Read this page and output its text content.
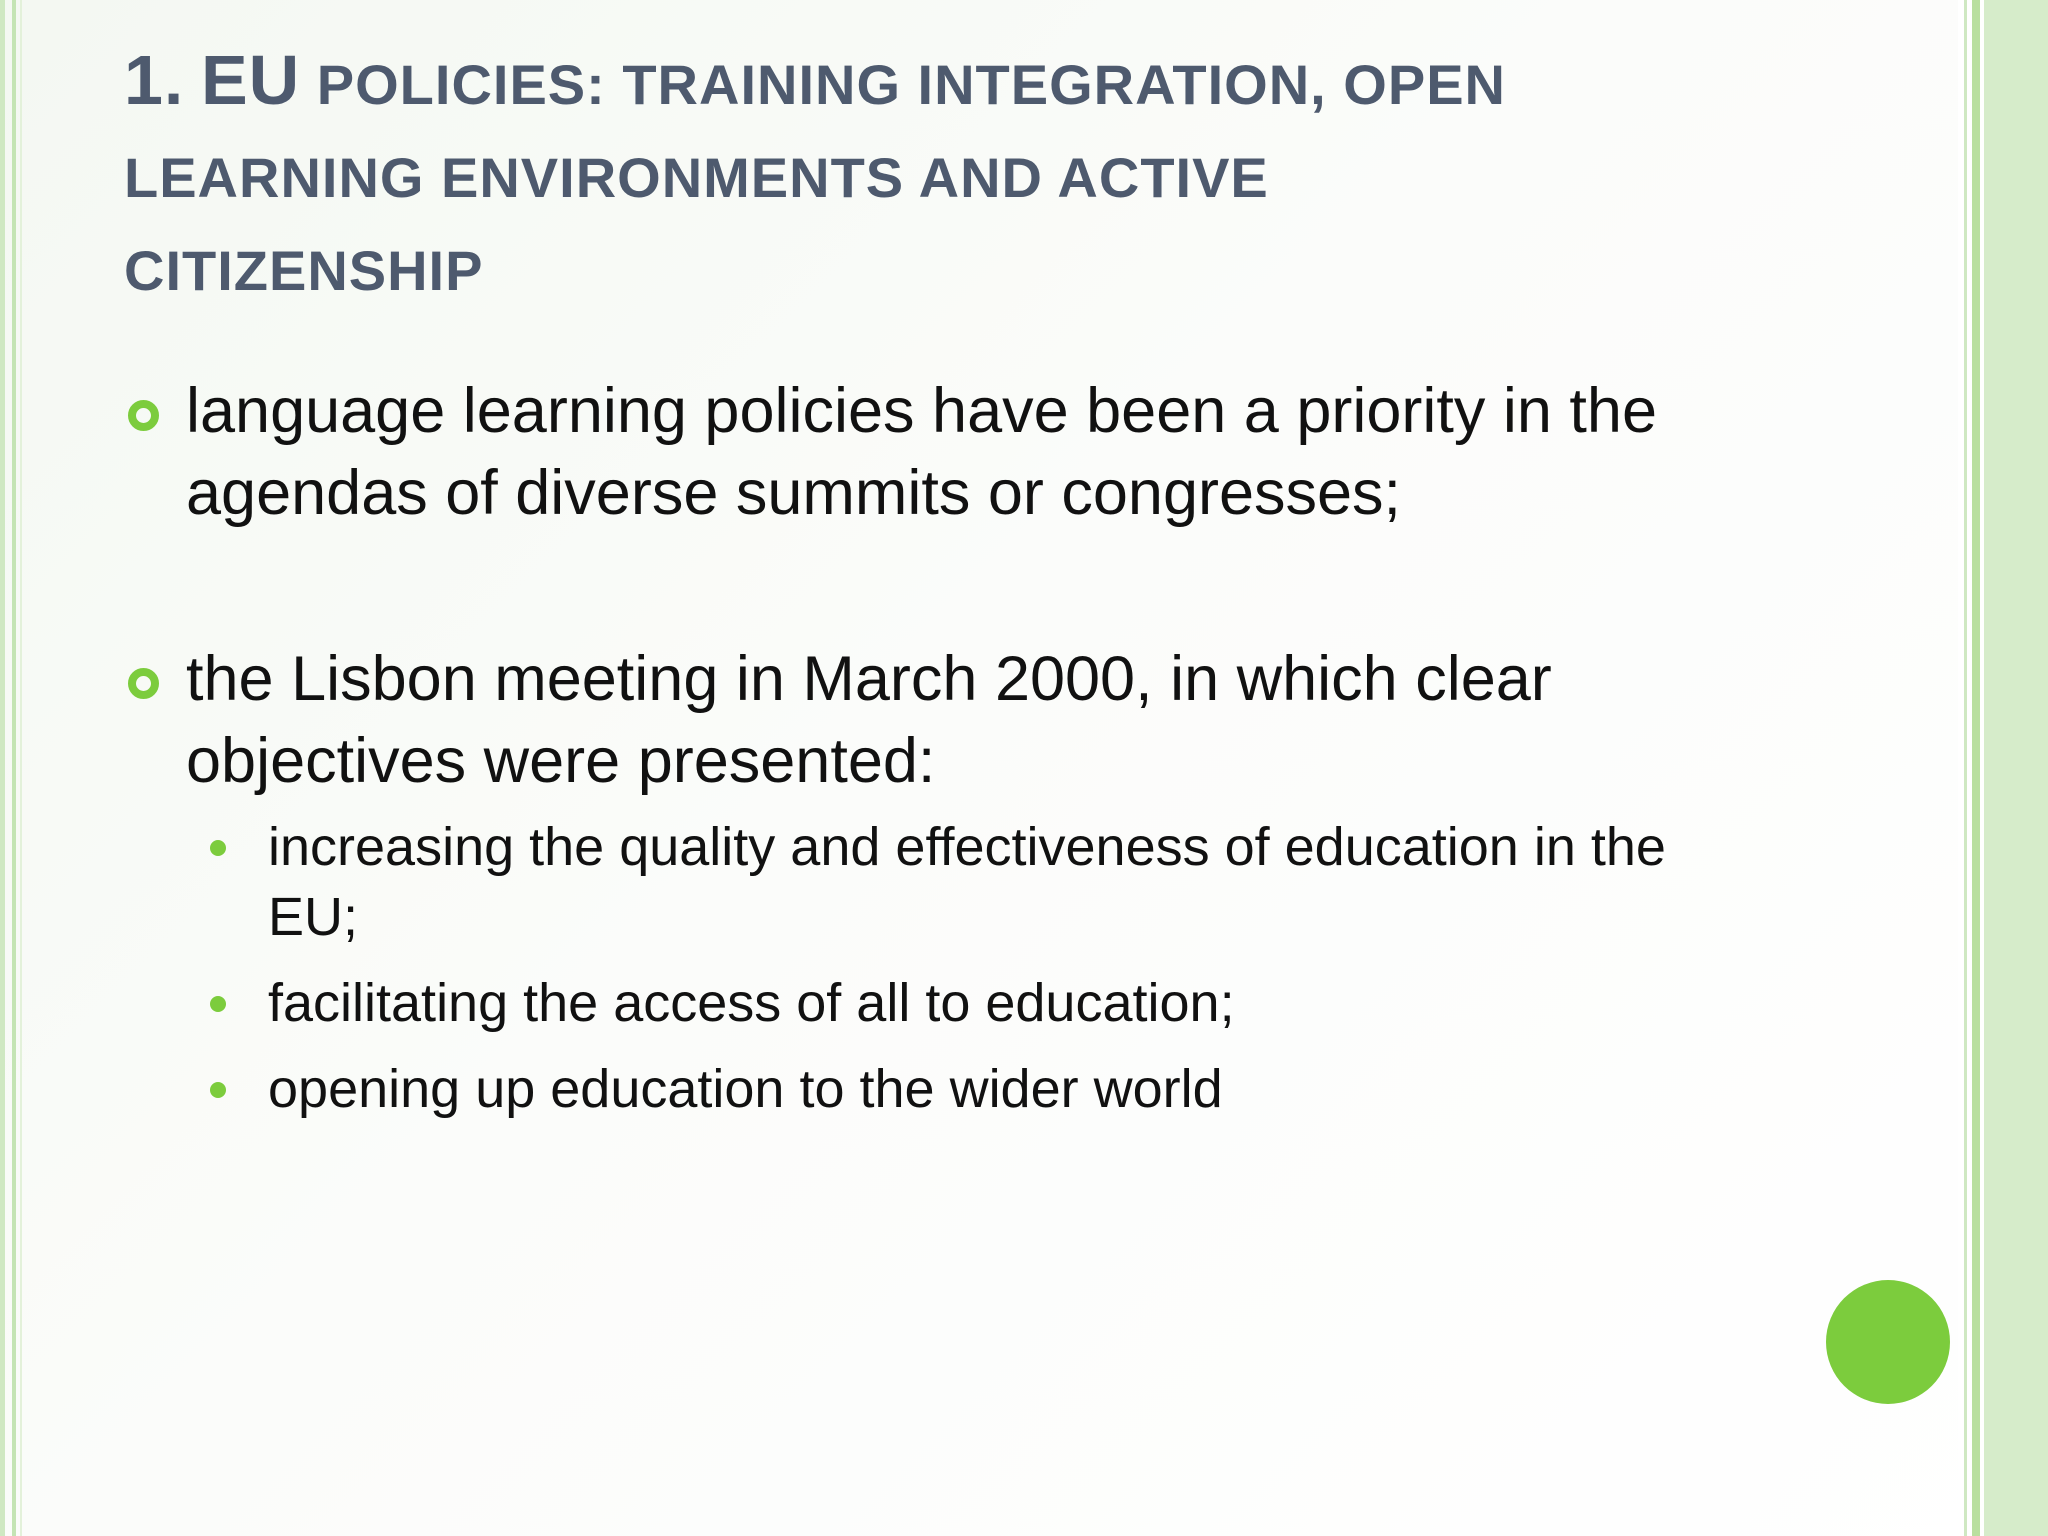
1. EU POLICIES: TRAINING INTEGRATION, OPEN
LEARNING ENVIRONMENTS AND ACTIVE
CITIZENSHIP
language learning policies have been a priority in the agendas of diverse summits or congresses;
the Lisbon meeting in March 2000, in which clear objectives were presented:
increasing the quality and effectiveness of education in the EU;
facilitating the access of all to education;
opening up education to the wider world
